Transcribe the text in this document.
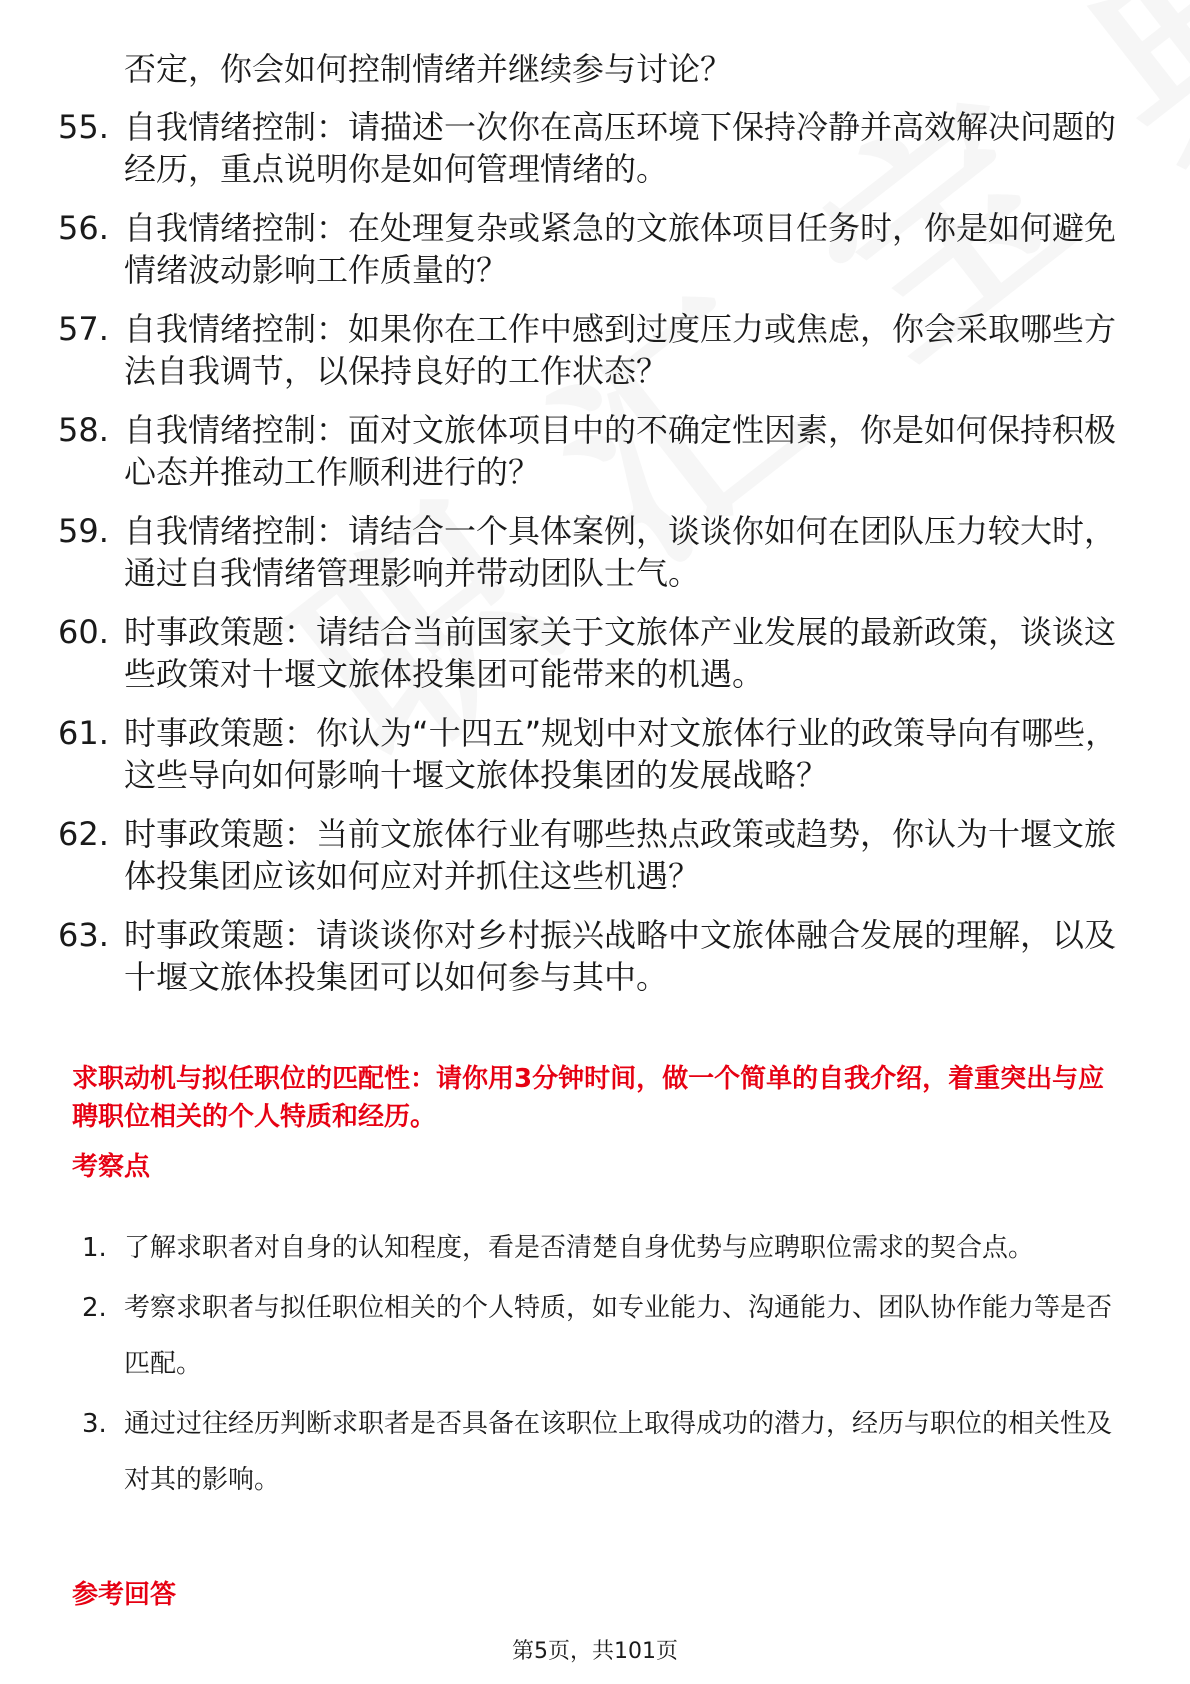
否定，你会如何控制情绪并继续参与讨论？
55. 自我情绪控制：请描述一次你在高压环境下保持冷静并高效解决问题的经历，重点说明你是如何管理情绪的。
56. 自我情绪控制：在处理复杂或紧急的文旅体项目任务时，你是如何避免情绪波动影响工作质量的？
57. 自我情绪控制：如果你在工作中感到过度压力或焦虑，你会采取哪些方法自我调节，以保持良好的工作状态？
58. 自我情绪控制：面对文旅体项目中的不确定性因素，你是如何保持积极心态并推动工作顺利进行的？
59. 自我情绪控制：请结合一个具体案例，谈谈你如何在团队压力较大时，通过自我情绪管理影响并带动团队士气。
60. 时事政策题：请结合当前国家关于文旅体产业发展的最新政策，谈谈这些政策对十堰文旅体投集团可能带来的机遇。
61. 时事政策题：你认为“十四五”规划中对文旅体行业的政策导向有哪些，这些导向如何影响十堰文旅体投集团的发展战略？
62. 时事政策题：当前文旅体行业有哪些热点政策或趋势，你认为十堰文旅体投集团应该如何应对并抓住这些机遇？
63. 时事政策题：请谈谈你对乡村振兴战略中文旅体融合发展的理解，以及十堰文旅体投集团可以如何参与其中。
求职动机与拟任职位的匹配性：请你用3分钟时间，做一个简单的自我介绍，着重突出与应聘职位相关的个人特质和经历。
考察点
1. 了解求职者对自身的认知程度，看是否清楚自身优势与应聘职位需求的契合点。
2. 考察求职者与拟任职位相关的个人特质，如专业能力、沟通能力、团队协作能力等是否匹配。
3. 通过过往经历判断求职者是否具备在该职位上取得成功的潜力，经历与职位的相关性及对其的影响。
参考回答
第5页，共101页
